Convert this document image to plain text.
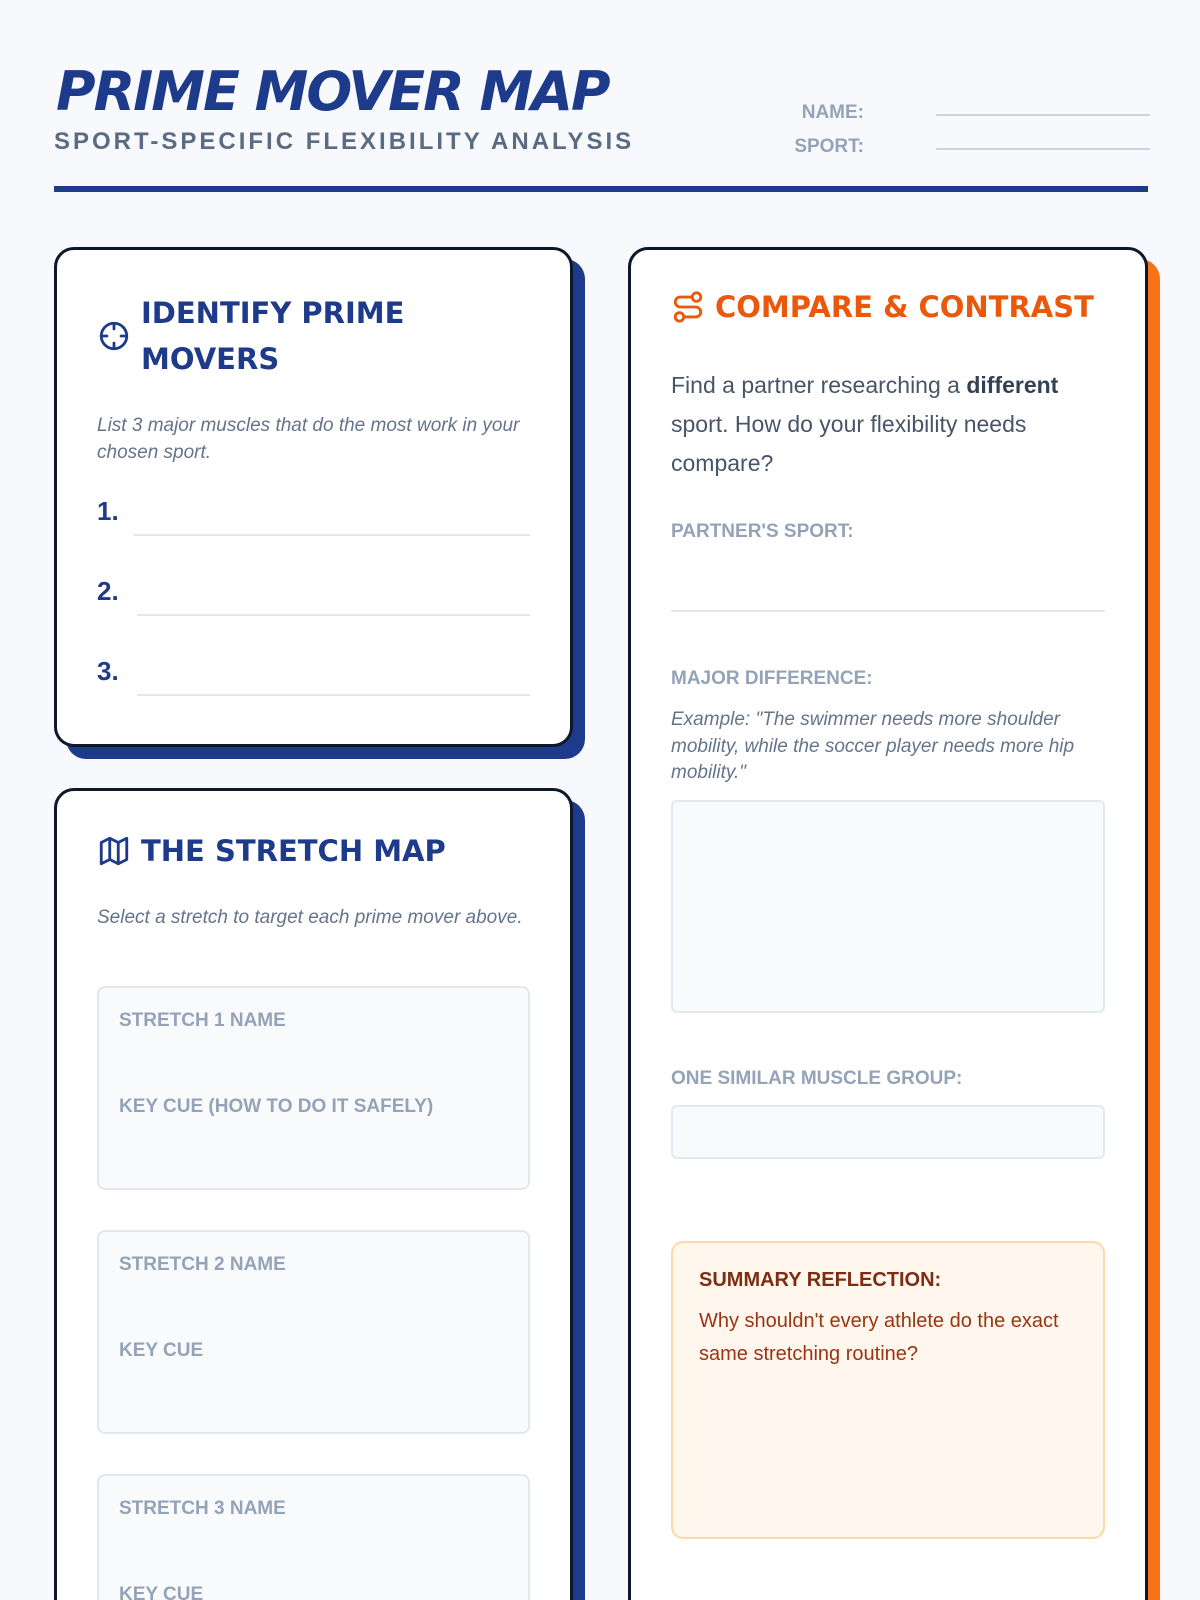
PRIME MOVER MAP
SPORT-SPECIFIC FLEXIBILITY ANALYSIS
NAME:
SPORT:
IDENTIFY PRIME MOVERS
List 3 major muscles that do the most work in your chosen sport.
1.
2.
3.
THE STRETCH MAP
Select a stretch to target each prime mover above.
STRETCH 1 NAME
KEY CUE (HOW TO DO IT SAFELY)
STRETCH 2 NAME
KEY CUE
STRETCH 3 NAME
KEY CUE
COMPARE & CONTRAST
Find a partner researching a different sport. How do your flexibility needs compare?
PARTNER'S SPORT:
MAJOR DIFFERENCE:
Example: "The swimmer needs more shoulder mobility, while the soccer player needs more hip mobility."
ONE SIMILAR MUSCLE GROUP:
SUMMARY REFLECTION:
Why shouldn't every athlete do the exact same stretching routine?
